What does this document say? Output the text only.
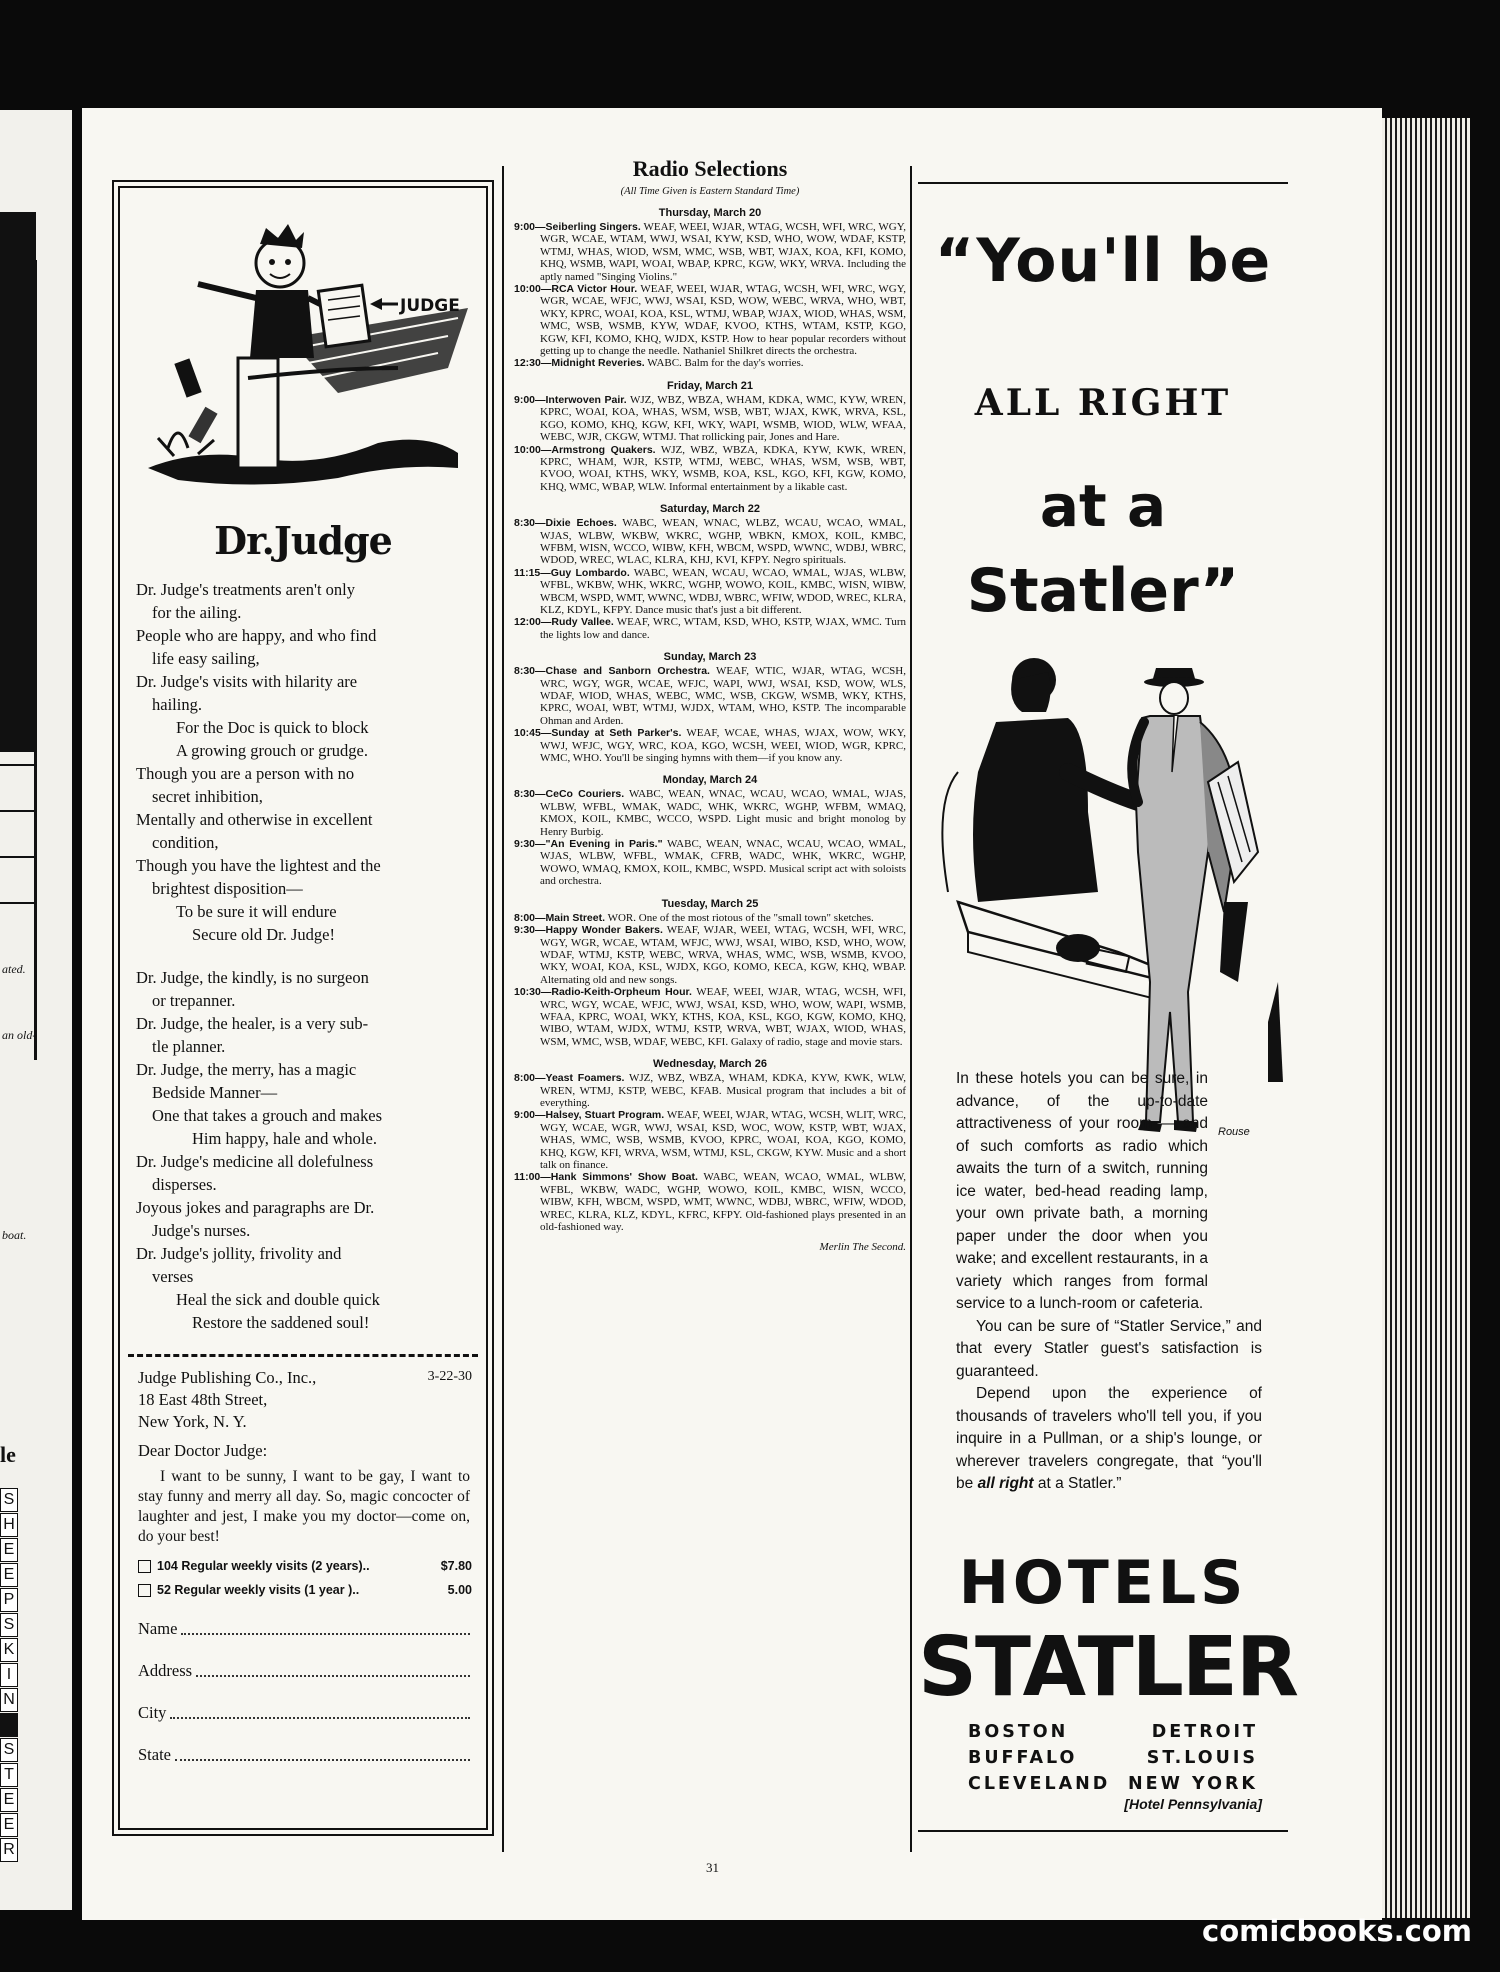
ated.
an old-
boat.
le
S
H
E
E
P
S
K
I
N
S
T
E
E
R
JUDGE
Dr.Judge

Dr. Judge's treatments aren't only

for the ailing.

People who are happy, and who find

life easy sailing,

Dr. Judge's visits with hilarity are

hailing.

For the Doc is quick to block

A growing grouch or grudge.

Though you are a person with no

secret inhibition,

Mentally and otherwise in excellent

condition,

Though you have the lightest and the

brightest disposition—

To be sure it will endure

Secure old Dr. Judge!

Dr. Judge, the kindly, is no surgeon

or trepanner.

Dr. Judge, the healer, is a very sub-

tle planner.

Dr. Judge, the merry, has a magic

Bedside Manner—

One that takes a grouch and makes

Him happy, hale and whole.

Dr. Judge's medicine all dolefulness

disperses.

Joyous jokes and paragraphs are Dr.

Judge's nurses.

Dr. Judge's jollity, frivolity and

verses

Heal the sick and double quick

Restore the saddened soul!

3-22-30
Judge Publishing Co., Inc.,
18 East 48th Street,
New York, N. Y.
Dear Doctor Judge:
I want to be sunny, I want to be gay, I want to stay funny and merry all day. So, magic concocter of laughter and jest, I make you my doctor—come on, do your best!
104 Regular weekly visits (2 years)..	$7.80
52 Regular weekly visits (1 year )..	5.00
Name
Address
City
State
Radio Selections
(All Time Given is Eastern Standard Time)
Thursday, March 20

9:00—Seiberling Singers. WEAF, WEEI, WJAR, WTAG, WCSH, WFI, WRC, WGY, WGR, WCAE, WTAM, WWJ, WSAI, KYW, KSD, WHO, WOW, WDAF, KSTP, WTMJ, WHAS, WIOD, WSM, WMC, WSB, WBT, WJAX, KOA, KFI, KOMO, KHQ, WSMB, WAPI, WOAI, WBAP, KPRC, KGW, WKY, WRVA. Including the aptly named "Singing Violins."

10:00—RCA Victor Hour. WEAF, WEEI, WJAR, WTAG, WCSH, WFI, WRC, WGY, WGR, WCAE, WFJC, WWJ, WSAI, KSD, WOW, WEBC, WRVA, WHO, WBT, WKY, KPRC, WOAI, KOA, KSL, WTMJ, WBAP, WJAX, WIOD, WHAS, WSM, WMC, WSB, WSMB, KYW, WDAF, KVOO, KTHS, WTAM, KSTP, KGO, KGW, KFI, KOMO, KHQ, WJDX, KSTP. How to hear popular recorders without getting up to change the needle. Nathaniel Shilkret directs the orchestra.

12:30—Midnight Reveries. WABC. Balm for the day's worries.

Friday, March 21

9:00—Interwoven Pair. WJZ, WBZ, WBZA, WHAM, KDKA, WMC, KYW, WREN, KPRC, WOAI, KOA, WHAS, WSM, WSB, WBT, WJAX, KWK, WRVA, KSL, KGO, KOMO, KHQ, KGW, KFI, WKY, WAPI, WSMB, WIOD, WLW, WFAA, WEBC, WJR, CKGW, WTMJ. That rollicking pair, Jones and Hare.

10:00—Armstrong Quakers. WJZ, WBZ, WBZA, KDKA, KYW, KWK, WREN, KPRC, WHAM, WJR, KSTP, WTMJ, WEBC, WHAS, WSM, WSB, WBT, KVOO, WOAI, KTHS, WKY, WSMB, KOA, KSL, KGO, KFI, KGW, KOMO, KHQ, WMC, WBAP, WLW. Informal entertainment by a likable cast.

Saturday, March 22

8:30—Dixie Echoes. WABC, WEAN, WNAC, WLBZ, WCAU, WCAO, WMAL, WJAS, WLBW, WKBW, WKRC, WGHP, WBKN, KMOX, KOIL, KMBC, WFBM, WISN, WCCO, WIBW, KFH, WBCM, WSPD, WWNC, WDBJ, WBRC, WDOD, WREC, WLAC, KLRA, KHJ, KVI, KFPY. Negro spirituals.

11:15—Guy Lombardo. WABC, WEAN, WCAU, WCAO, WMAL, WJAS, WLBW, WFBL, WKBW, WHK, WKRC, WGHP, WOWO, KOIL, KMBC, WISN, WIBW, WBCM, WSPD, WMT, WWNC, WDBJ, WBRC, WFIW, WDOD, WREC, KLRA, KLZ, KDYL, KFPY. Dance music that's just a bit different.

12:00—Rudy Vallee. WEAF, WRC, WTAM, KSD, WHO, KSTP, WJAX, WMC. Turn the lights low and dance.

Sunday, March 23

8:30—Chase and Sanborn Orchestra. WEAF, WTIC, WJAR, WTAG, WCSH, WRC, WGY, WGR, WCAE, WFJC, WAPI, WWJ, WSAI, KSD, WOW, WLS, WDAF, WIOD, WHAS, WEBC, WMC, WSB, CKGW, WSMB, WKY, KTHS, KPRC, WOAI, WBT, WTMJ, WJDX, WTAM, WHO, KSTP. The incomparable Ohman and Arden.

10:45—Sunday at Seth Parker's. WEAF, WCAE, WHAS, WJAX, WOW, WKY, WWJ, WFJC, WGY, WRC, KOA, KGO, WCSH, WEEI, WIOD, WGR, KPRC, WMC, WHO. You'll be singing hymns with them—if you know any.

Monday, March 24

8:30—CeCo Couriers. WABC, WEAN, WNAC, WCAU, WCAO, WMAL, WJAS, WLBW, WFBL, WMAK, WADC, WHK, WKRC, WGHP, WFBM, WMAQ, KMOX, KOIL, KMBC, WCCO, WSPD. Light music and bright monolog by Henry Burbig.

9:30—"An Evening in Paris." WABC, WEAN, WNAC, WCAU, WCAO, WMAL, WJAS, WLBW, WFBL, WMAK, CFRB, WADC, WHK, WKRC, WGHP, WOWO, WMAQ, KMOX, KOIL, KMBC, WSPD. Musical script act with soloists and orchestra.

Tuesday, March 25

8:00—Main Street. WOR. One of the most riotous of the "small town" sketches.

9:30—Happy Wonder Bakers. WEAF, WJAR, WEEI, WTAG, WCSH, WFI, WRC, WGY, WGR, WCAE, WTAM, WFJC, WWJ, WSAI, WIBO, KSD, WHO, WOW, WDAF, WTMJ, KSTP, WEBC, WRVA, WHAS, WMC, WSB, WSMB, KVOO, WKY, WOAI, KOA, KSL, WJDX, KGO, KOMO, KECA, KGW, KHQ, WBAP. Alternating old and new songs.

10:30—Radio-Keith-Orpheum Hour. WEAF, WEEI, WJAR, WTAG, WCSH, WFI, WRC, WGY, WCAE, WFJC, WWJ, WSAI, KSD, WHO, WOW, WAPI, WSMB, WFAA, KPRC, WOAI, WKY, KTHS, KOA, KSL, KGO, KGW, KOMO, KHQ, WIBO, WTAM, WJDX, WTMJ, KSTP, WRVA, WBT, WJAX, WIOD, WHAS, WSM, WMC, WSB, WDAF, WEBC, KFI. Galaxy of radio, stage and movie stars.

Wednesday, March 26

8:00—Yeast Foamers. WJZ, WBZ, WBZA, WHAM, KDKA, KYW, KWK, WLW, WREN, WTMJ, KSTP, WEBC, KFAB. Musical program that includes a bit of everything.

9:00—Halsey, Stuart Program. WEAF, WEEI, WJAR, WTAG, WCSH, WLIT, WRC, WGY, WCAE, WGR, WWJ, WSAI, KSD, WOC, WOW, KSTP, WBT, WJAX, WHAS, WMC, WSB, WSMB, KVOO, KPRC, WOAI, KOA, KGO, KOMO, KHQ, KGW, KFI, WRVA, WSM, WTMJ, KSL, CKGW, KYW. Music and a short talk on finance.

11:00—Hank Simmons' Show Boat. WABC, WEAN, WCAO, WMAL, WLBW, WFBL, WKBW, WADC, WGHP, WOWO, KOIL, KMBC, WISN, WCCO, WIBW, KFH, WBCM, WSPD, WMT, WWNC, WDBJ, WBRC, WFIW, WDOD, WREC, KLRA, KLZ, KDYL, KFRC, KFPY. Old-fashioned plays presented in an old-fashioned way.

Merlin The Second.
31
“You'll be
ALL RIGHT
at a
Statler”
Rouse

In these hotels you can be sure, in advance, of the up-to-date attractiveness of your room — and of such comforts as radio which awaits the turn of a switch, running ice water, bed-head reading lamp, your own private bath, a morning paper under the door when you wake; and excellent restaurants, in a variety which ranges from formal service to a lunch-room or cafeteria.

You can be sure of “Statler Service,” and that every Statler guest's satisfaction is guaranteed.

Depend upon the experience of thousands of travelers who'll tell you, if you inquire in a Pullman, or a ship's lounge, or wherever travelers congregate, that “you'll be all right at a Statler.”

HOTELS
STATLER
BOSTON	DETROIT
BUFFALO	ST.LOUIS
CLEVELAND NEW YORK
[Hotel Pennsylvania]
comicbooks.com
